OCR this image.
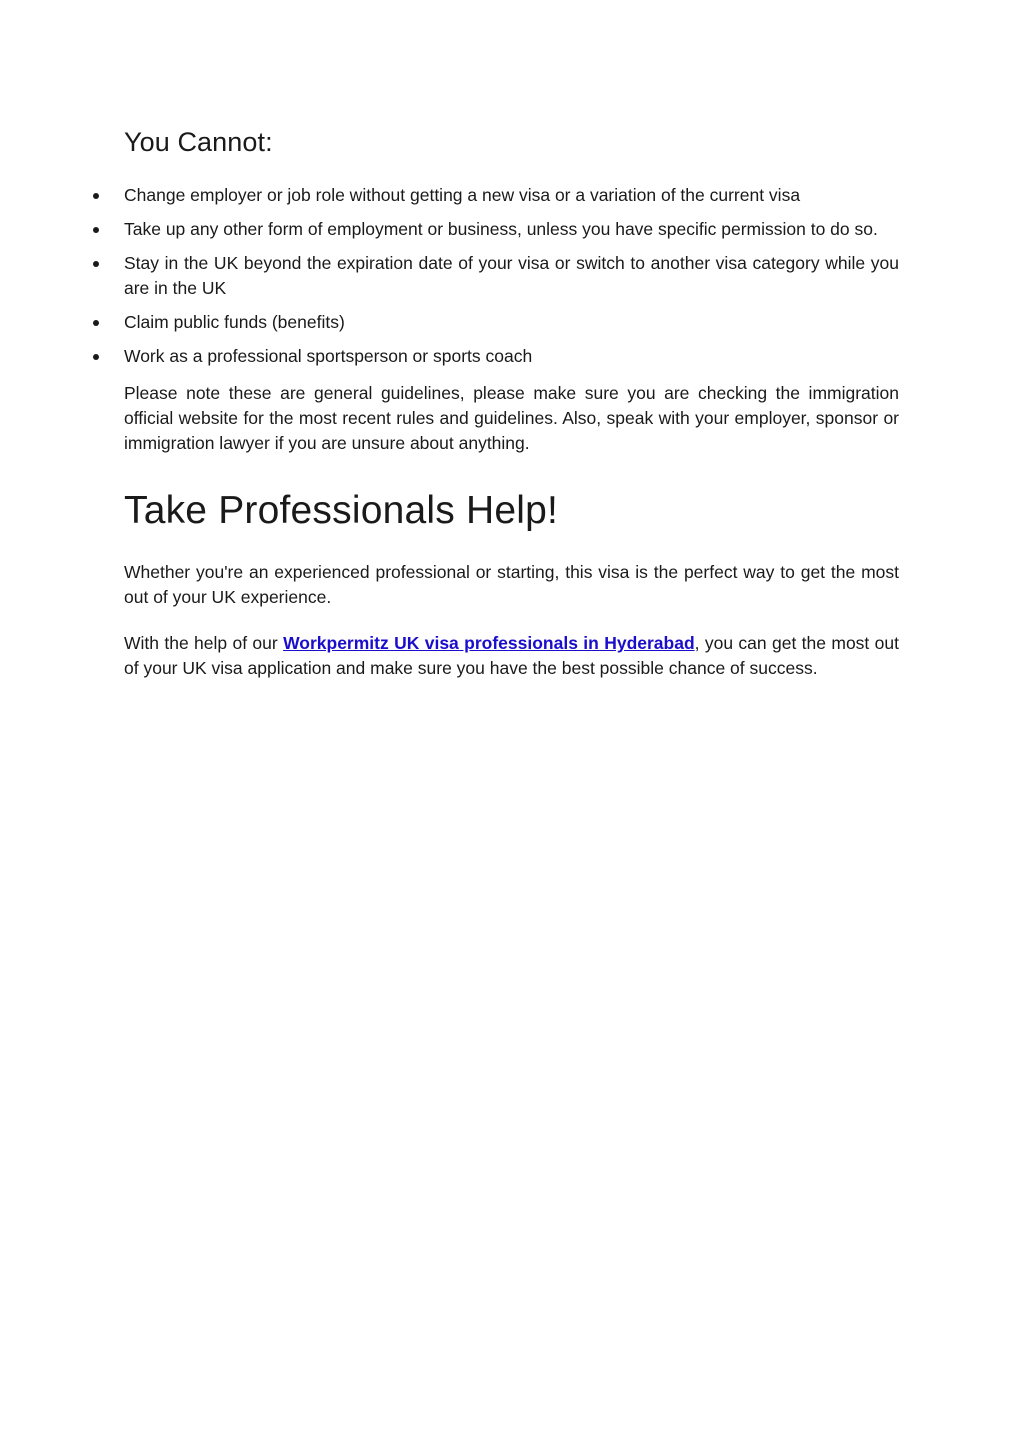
You Cannot:
Change employer or job role without getting a new visa or a variation of the current visa
Take up any other form of employment or business, unless you have specific permission to do so.
Stay in the UK beyond the expiration date of your visa or switch to another visa category while you are in the UK
Claim public funds (benefits)
Work as a professional sportsperson or sports coach

Please note these are general guidelines, please make sure you are checking the immigration official website for the most recent rules and guidelines. Also, speak with your employer, sponsor or immigration lawyer if you are unsure about anything.

Take Professionals Help!

Whether you're an experienced professional or starting, this visa is the perfect way to get the most out of your UK experience.

With the help of our Workpermitz UK visa professionals in Hyderabad, you can get the most out of your UK visa application and make sure you have the best possible chance of success.
